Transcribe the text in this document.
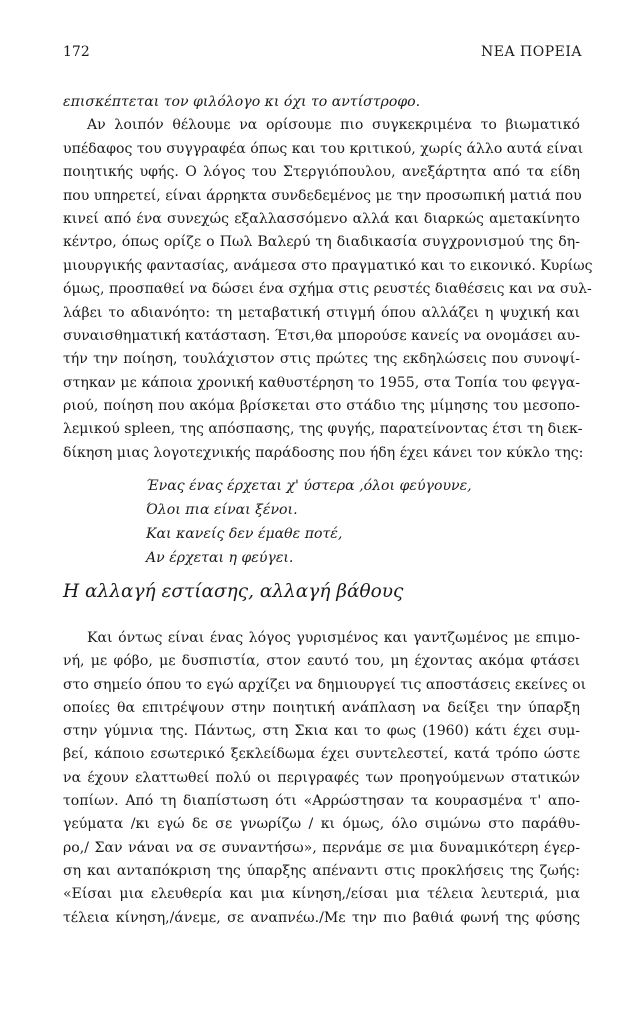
172	ΝΕΑ ΠΟΡΕΙΑ
επισκέπτεται τον φιλόλογο κι όχι το αντίστροφο.
Αν λοιπόν θέλουμε να ορίσουμε πιο συγκεκριμένα το βιωματικό
υπέδαφος του συγγραφέα όπως και του κριτικού, χωρίς άλλο αυτά είναι
ποιητικής υφής. Ο λόγος του Στεργιόπουλου, ανεξάρτητα από τα είδη
που υπηρετεί, είναι άρρηκτα συνδεδεμένος με την προσωπική ματιά που
κινεί από ένα συνεχώς εξαλλασσόμενο αλλά και διαρκώς αμετακίνητο
κέντρο, όπως ορίζε ο Πωλ Βαλερύ τη διαδικασία συγχρονισμού της δη-
μιουργικής φαντασίας, ανάμεσα στο πραγματικό και το εικονικό. Κυρίως
όμως, προσπαθεί να δώσει ένα σχήμα στις ρευστές διαθέσεις και να συλ-
λάβει το αδιανόητο: τη μεταβατική στιγμή όπου αλλάζει η ψυχική και
συναισθηματική κατάσταση. Έτσι,θα μπορούσε κανείς να ονομάσει αυ-
τήν την ποίηση, τουλάχιστον στις πρώτες της εκδηλώσεις που συνοψί-
στηκαν με κάποια χρονική καθυστέρηση το 1955, στα Τοπία του φεγγα-
ριού, ποίηση που ακόμα βρίσκεται στο στάδιο της μίμησης του μεσοπο-
λεμικού spleen, της απόσπασης, της φυγής, παρατείνοντας έτσι τη διεκ-
δίκηση μιας λογοτεχνικής παράδοσης που ήδη έχει κάνει τον κύκλο της:
Ένας ένας έρχεται χ' ύστερα ,όλοι φεύγουνε,
Όλοι πια είναι ξένοι.
Και κανείς δεν έμαθε ποτέ,
Αν έρχεται η φεύγει.
Η αλλαγή εστίασης, αλλαγή βάθους
Και όντως είναι ένας λόγος γυρισμένος και γαντζωμένος με επιμο-
νή, με φόβο, με δυσπιστία, στον εαυτό του, μη έχοντας ακόμα φτάσει
στο σημείο όπου το εγώ αρχίζει να δημιουργεί τις αποστάσεις εκείνες οι
οποίες θα επιτρέψουν στην ποιητική ανάπλαση να δείξει την ύπαρξη
στην γύμνια της. Πάντως, στη Σκια και το φως (1960) κάτι έχει συμ-
βεί, κάποιο εσωτερικό ξεκλείδωμα έχει συντελεστεί, κατά τρόπο ώστε
να έχουν ελαττωθεί πολύ οι περιγραφές των προηγούμενων στατικών
τοπίων. Από τη διαπίστωση ότι «Αρρώστησαν τα κουρασμένα τ' απο-
γεύματα /κι εγώ δε σε γνωρίζω / κι όμως, όλο σιμώνω στο παράθυ-
ρο,/ Σαν νάναι να σε συναντήσω», περνάμε σε μια δυναμικότερη έγερ-
ση και ανταπόκριση της ύπαρξης απέναντι στις προκλήσεις της ζωής:
«Είσαι μια ελευθερία και μια κίνηση,/είσαι μια τέλεια λευτεριά, μια
τέλεια κίνηση,/άνεμε, σε αναπνέω./Με την πιο βαθιά φωνή της φύσης
